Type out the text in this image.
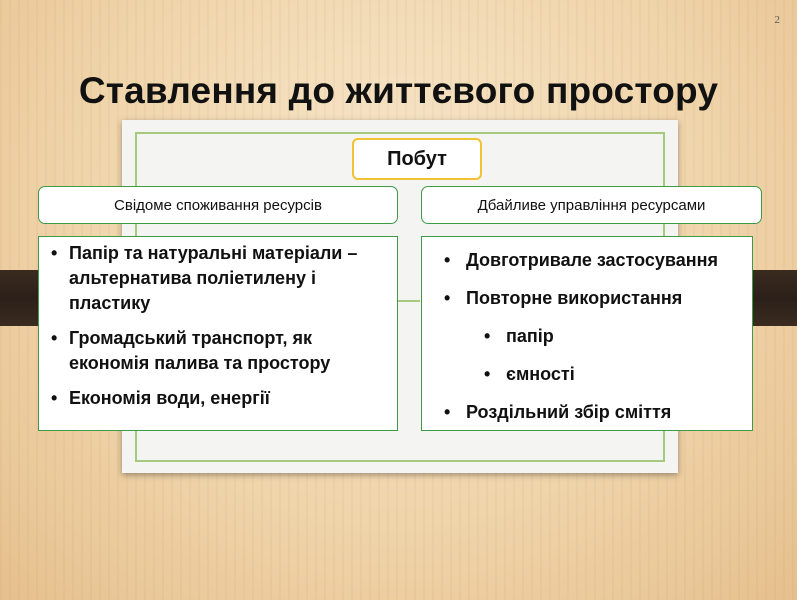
2
Ставлення до життєвого простору
Побут
Свідоме споживання ресурсів	Дбайливе управління ресурсами
• Папір та натуральні матеріали – альтернатива поліетилену і пластику
• Громадський транспорт, як економія палива та простору
• Економія води, енергії
• Довготривале застосування
• Повторне використання
• папір
• ємності
• Роздільний збір сміття
